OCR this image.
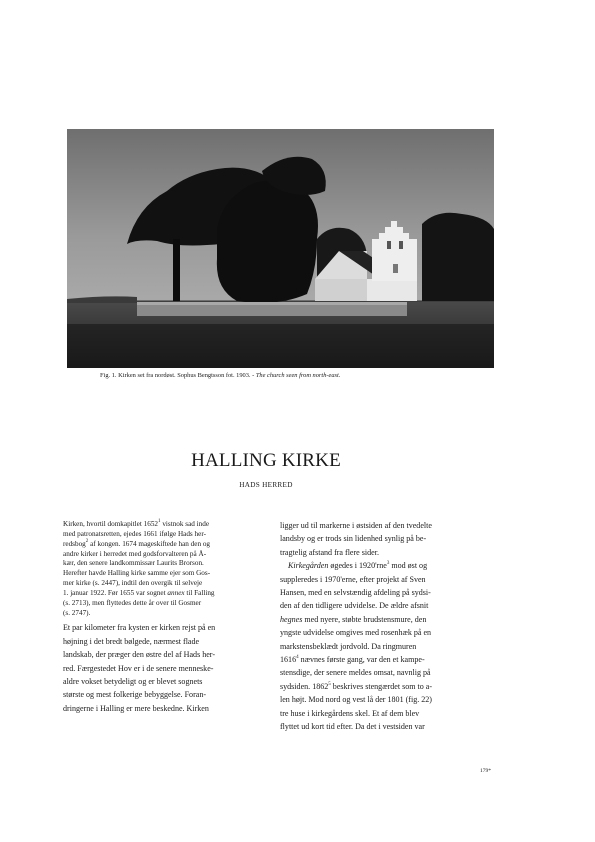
Fig. 1. Kirken set fra nordøst. Sophus Bengtsson fot. 1903. - The church seen from north-east.
HALLING KIRKE
HADS HERRED

Kirken, hvortil domkapitlet 1652$^1$ vistnok sad inde
med patronatsretten, ejedes 1661 ifølge Hads her-
redsbog$^2$ af kongen. 1674 mageskiftede han den og
andre kirker i herredet med godsforvalteren på Å-
kær, den senere landkommissær Laurits Brorson.
Herefter havde Halling kirke samme ejer som Gos-
mer kirke (s. 2447), indtil den overgik til selveje
1. januar 1922. Før 1655 var sognet annex til Falling
(s. 2713), men flyttedes dette år over til Gosmer
(s. 2747).

Et par kilometer fra kysten er kirken rejst på en
højning i det bredt bølgede, nærmest flade
landskab, der præger den østre del af Hads her-
red. Færgestedet Hov er i de senere menneske-
aldre vokset betydeligt og er blevet sognets
største og mest folkerige bebyggelse. Foran-
dringerne i Halling er mere beskedne. Kirken

ligger ud til markerne i østsiden af den tvedelte
landsby og er trods sin lidenhed synlig på be-
tragtelig afstand fra flere sider.
Kirkegården øgedes i 1920'rne$^3$ mod øst og
suppleredes i 1970'erne, efter projekt af Sven
Hansen, med en selvstændig afdeling på sydsi-
den af den tidligere udvidelse. De ældre afsnit
hegnes med nyere, støbte brudstensmure, den
yngste udvidelse omgives med rosenhæk på en
markstensbeklædt jordvold. Da ringmuren
1616$^4$ nævnes første gang, var den et kampe-
stensdige, der senere meldes omsat, navnlig på
sydsiden. 1862$^5$ beskrives stengærdet som to a-
len højt. Mod nord og vest lå der 1801 (fig. 22)
tre huse i kirkegårdens skel. Et af dem blev
flyttet ud kort tid efter. Da det i vestsiden var

179*
